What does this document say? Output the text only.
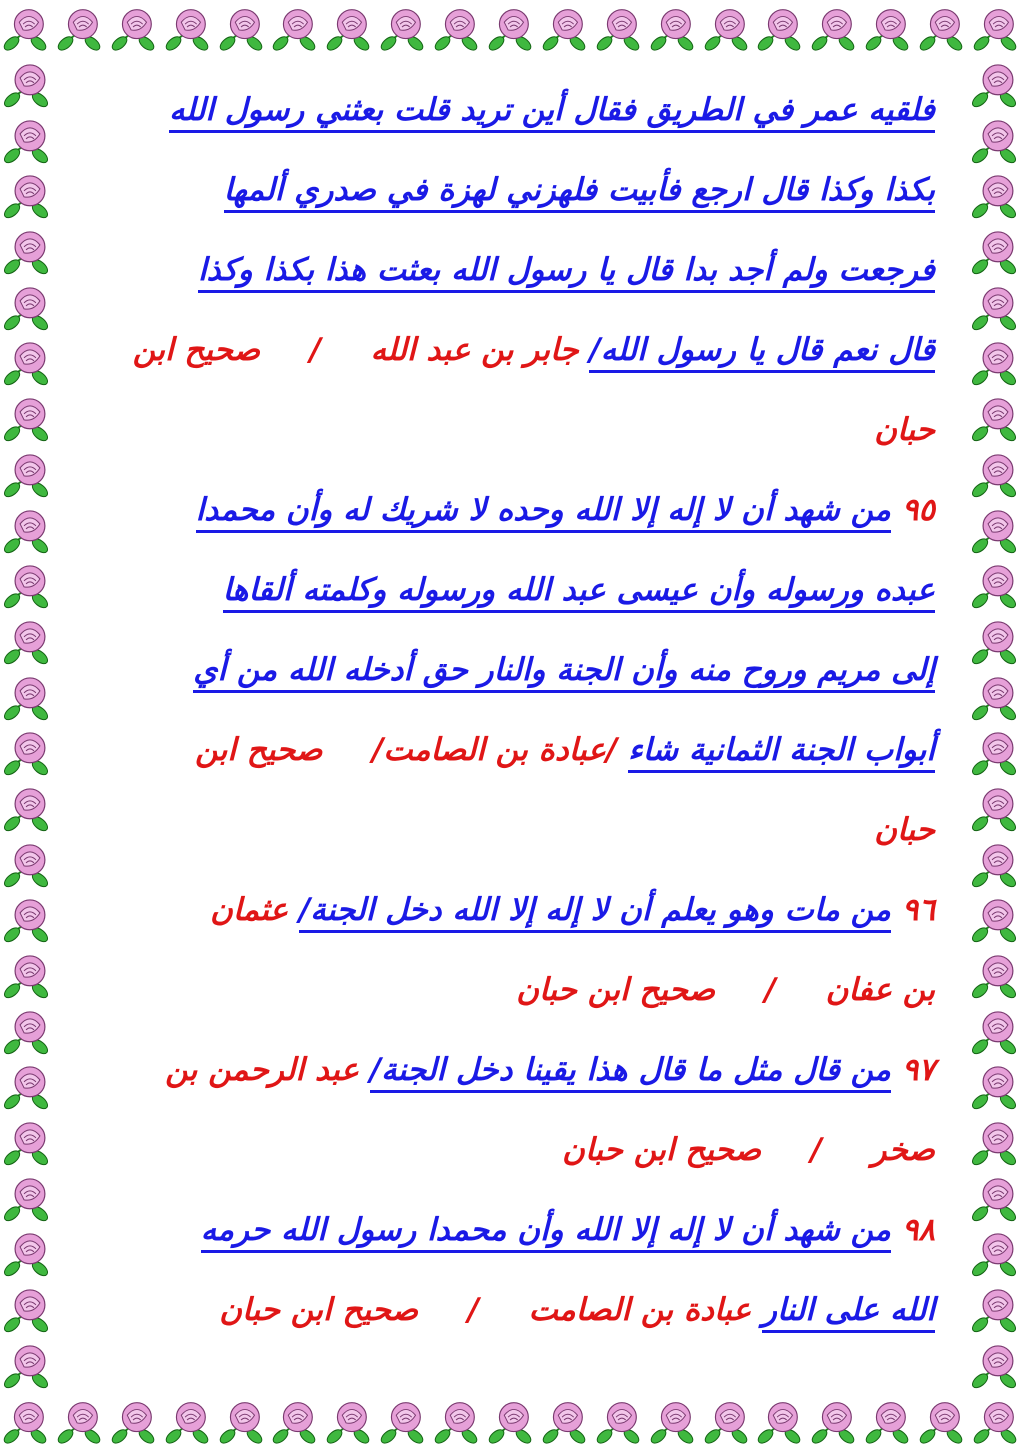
فلقيه عمر في الطريق فقال أين تريد قلت بعثني رسول الله
بكذا وكذا قال ارجع فأبيت فلهزني لهزة في صدري ألمها
فرجعت ولم أجد بدا قال يا رسول الله بعثت هذا بكذا وكذا
قال نعم قال يا رسول الله/ جابر بن عبد الله  /  صحيح ابن
حبان
٩٥ من شهد أن لا إله إلا الله وحده لا شريك له وأن محمدا
عبده ورسوله وأن عيسى عبد الله ورسوله وكلمته ألقاها
إلى مريم وروح منه وأن الجنة والنار حق أدخله الله من أي
أبواب الجنة الثمانية شاء /عبادة بن الصامت/  صحيح ابن
حبان
٩٦ من مات وهو يعلم أن لا إله إلا الله دخل الجنة/ عثمان
بن عفان  /  صحيح ابن حبان
٩٧ من قال مثل ما قال هذا يقينا دخل الجنة/ عبد الرحمن بن
صخر  /  صحيح ابن حبان
٩٨ من شهد أن لا إله إلا الله وأن محمدا رسول الله حرمه
الله على النار عبادة بن الصامت  /  صحيح ابن حبان
